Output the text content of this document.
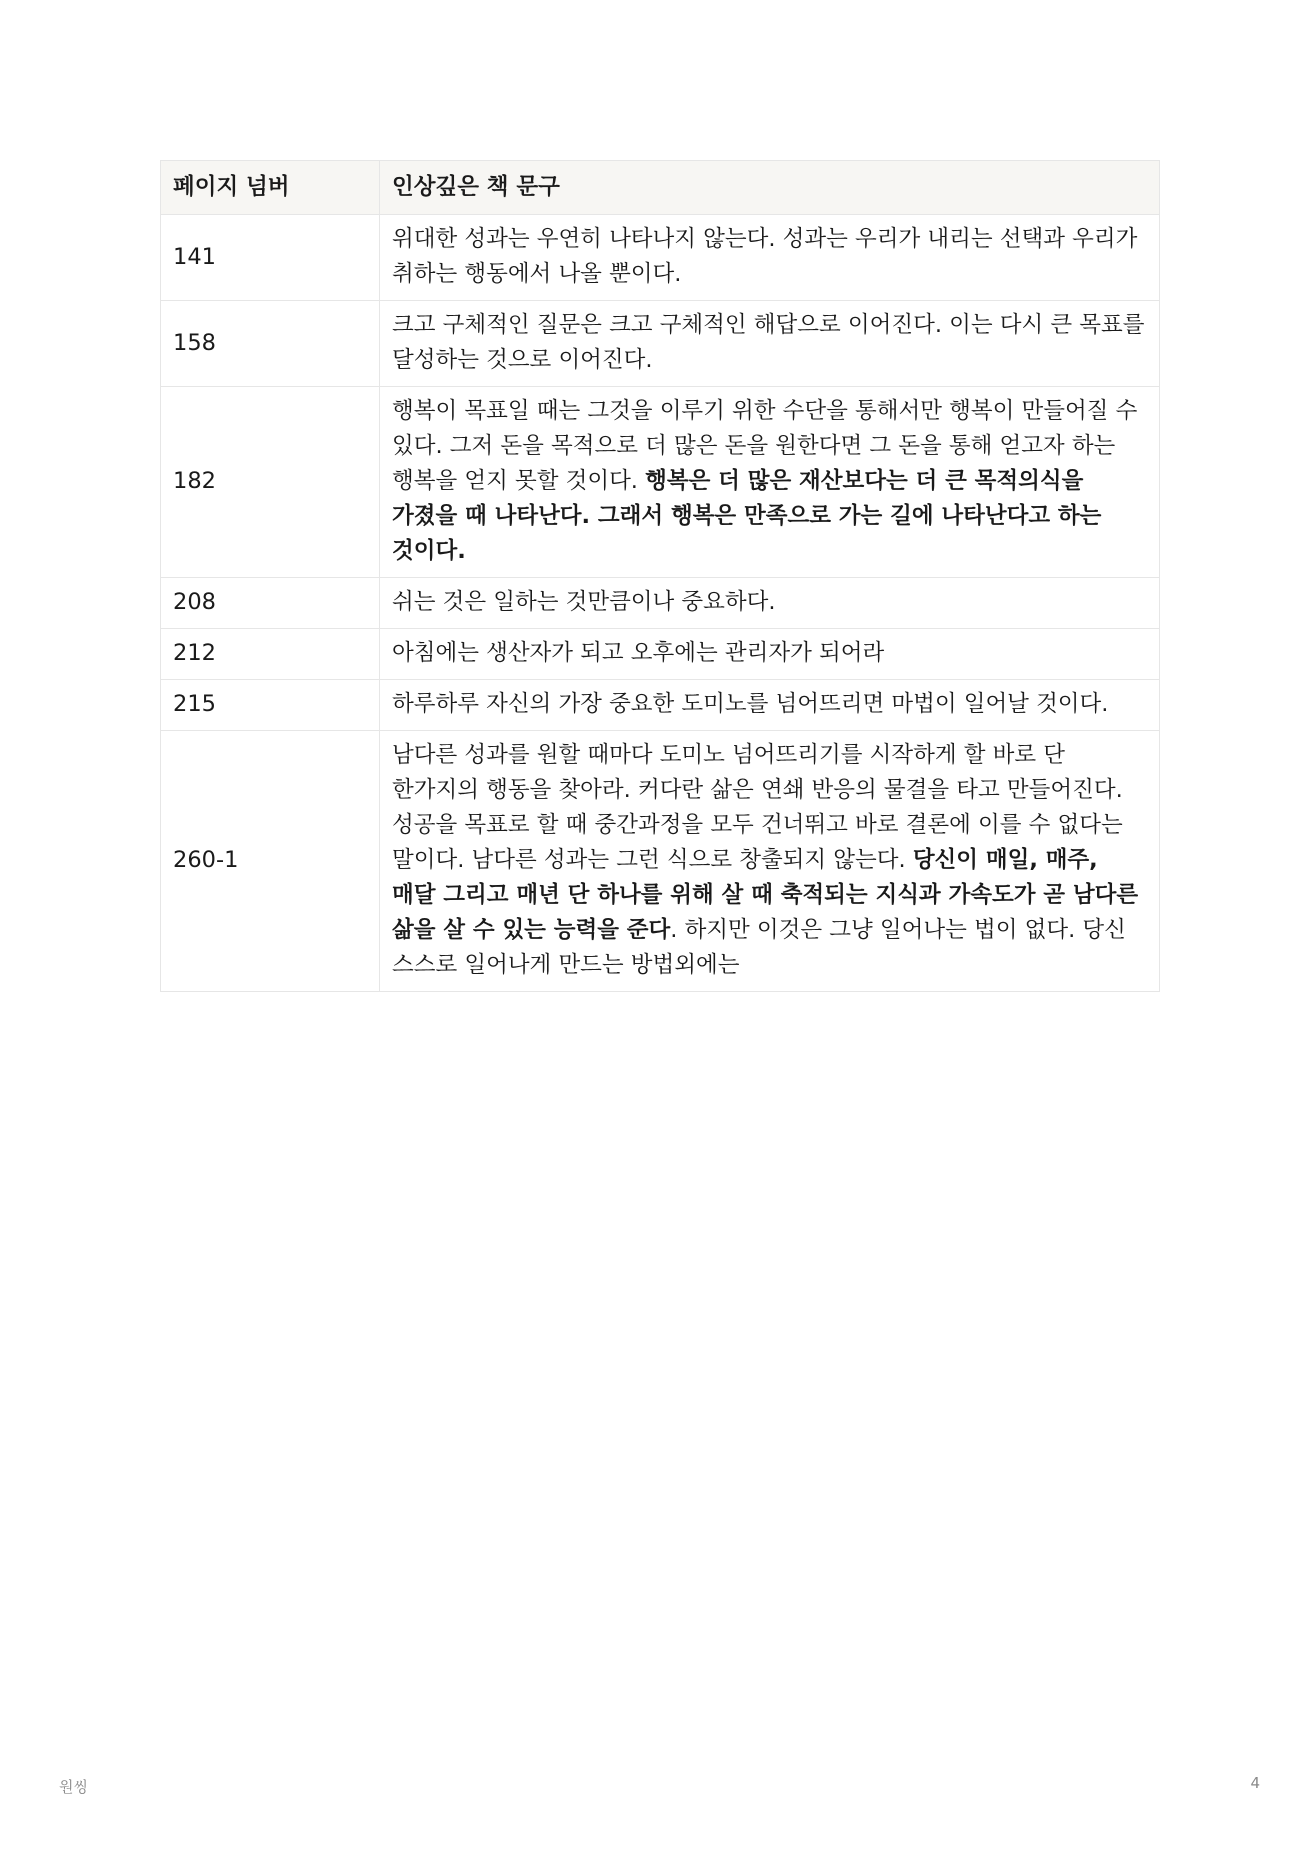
페이지 넘버	인상깊은 책 문구
141	위대한 성과는 우연히 나타나지 않는다. 성과는 우리가 내리는 선택과 우리가 취하는 행동에서 나올 뿐이다.
158	크고 구체적인 질문은 크고 구체적인 해답으로 이어진다. 이는 다시 큰 목표를 달성하는 것으로 이어진다.
182	행복이 목표일 때는 그것을 이루기 위한 수단을 통해서만 행복이 만들어질 수 있다. 그저 돈을 목적으로 더 많은 돈을 원한다면 그 돈을 통해 얻고자 하는 행복을 얻지 못할 것이다. 행복은 더 많은 재산보다는 더 큰 목적의식을 가졌을 때 나타난다. 그래서 행복은 만족으로 가는 길에 나타난다고 하는 것이다.
208	쉬는 것은 일하는 것만큼이나 중요하다.
212	아침에는 생산자가 되고 오후에는 관리자가 되어라
215	하루하루 자신의 가장 중요한 도미노를 넘어뜨리면 마법이 일어날 것이다.
260-1	남다른 성과를 원할 때마다 도미노 넘어뜨리기를 시작하게 할 바로 단 한가지의 행동을 찾아라. 커다란 삶은 연쇄 반응의 물결을 타고 만들어진다. 성공을 목표로 할 때 중간과정을 모두 건너뛰고 바로 결론에 이를 수 없다는 말이다. 남다른 성과는 그런 식으로 창출되지 않는다. 당신이 매일, 매주, 매달 그리고 매년 단 하나를 위해 살 때 축적되는 지식과 가속도가 곧 남다른 삶을 살 수 있는 능력을 준다. 하지만 이것은 그냥 일어나는 법이 없다. 당신 스스로 일어나게 만드는 방법외에는
원씽	4
